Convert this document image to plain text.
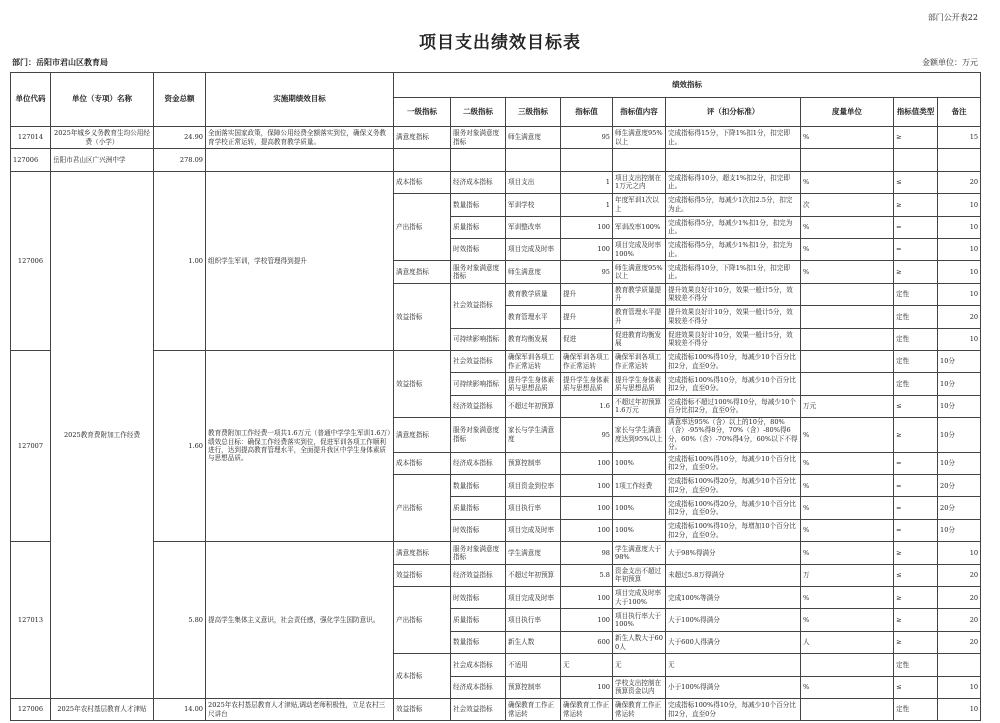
部门公开表22
项目支出绩效目标表
部门：岳阳市君山区教育局	金额单位：万元
单位代码	单位（专项）名称	资金总额	实施期绩效目标	绩效指标								
				一级指标	二级指标	三级指标	指标值	指标值内容	评（扣分标准）	度量单位	指标值类型	备注
127014	2025年城乡义务教育生均公用经费（小学）	24.90	全面落实国家政策，保障公用经费全额落实到位，确保义务教育学校正常运转，提高教育教学质量。	满意度指标	服务对象满意度指标	师生满意度	95	师生满意度95%以上	完成指标得15分，下降1%扣1分，扣完即止。	%	≥	15
127006	岳阳市君山区广兴洲中学	278.09										
127006	2025教育费附加工作经费	1.00	组织学生军训，学校管理得到提升	成本指标	经济成本指标	项目支出	1	项目支出控制在1万元之内	完成指标得10分，超支1%扣2分，扣完即止。	%	≤	20
				产出指标	数量指标	军训学校	1	年度军训1次以上	完成指标得5分，每减少1次扣2.5分，扣完为止。	次	≥	10
					质量指标	军训整改率	100	军训改率100%	完成指标得5分，每减少1%扣1分，扣完为止。	%	=	10
					时效指标	项目完成及时率	100	项目完成及时率100%	完成指标得5分，每减少1%扣1分，扣完为止。	%	=	10
				满意度指标	服务对象满意度指标	师生满意度	95	师生满意度95%以上	完成指标得10分，下降1%扣1分，扣完即止。	%	≥	10
				效益指标	社会效益指标	教育教学质量	提升	教育教学质量提升	提升效果良好计10分，效果一般计5分，效果较差不得分		定性	10
						教育管理水平	提升	教育管理水平提升	提升效果良好计10分，效果一般计5分，效果较差不得分		定性	20
					可持续影响指标	教育均衡发展	促进	促进教育均衡发展	促进效果良好计10分，效果一般计5分，效果较差不得分		定性	10
127007		1.60	教育费附加工作经费一项共1.6万元（普通中学学生军训1.6万）绩效总目标：确保工作经费落实到位，促进军训各项工作顺利进行，达到提高教育管理水平，全面提升我区中学生身体素质与思想品质。	效益指标	社会效益指标	确保军训各项工作正常运转	确保军训各项工作正常运转	确保军训各项工作正常运转	完成指标100%得10分，每减少10个百分比扣2分，直至0分。		定性	10分
					可持续影响指标	提升学生身体素质与思想品质	提升学生身体素质与思想品质	提升学生身体素质与思想品质	完成指标100%得10分，每减少10个百分比扣2分，直至0分。		定性	10分
					经济效益指标	不超过年初预算	1.6	不超过年初预算1.6万元	完成指标不超过100%得10分，每减少10个百分比扣2分，直至0分。	万元	≤	10分
				满意度指标	服务对象满意度指标	家长与学生满意度	95	家长与学生满意度达到95%以上	满意率达95%（含）以上的10分，80%（含）-95%得8分，70%（含）-80%得6分，60%（含）-70%得4分，60%以下不得分。	%	≥	10分
				成本指标	经济成本指标	预算控制率	100	100%	完成指标100%得10分，每减少10个百分比扣2分，直至0分。	%	=	10分
				产出指标	数量指标	项目资金到位率	100	1项工作经费	完成指标100%得20分，每减少10个百分比扣2分，直至0分。	%	=	20分
					质量指标	项目执行率	100	100%	完成指标100%得20分，每减少10个百分比扣2分，直至0分。	%	=	20分
					时效指标	项目完成及时率	100	100%	完成指标100%得10分，每增加10个百分比扣2分，直至0分。	%	=	10分
127013		5.80	提高学生集体主义意识，社会责任感，强化学生国防意识。	满意度指标	服务对象满意度指标	学生满意度	98	学生满意度大于98%	大于98%得满分	%	≥	10
				效益指标	经济效益指标	不超过年初预算	5.8	资金支出不超过年初预算	未超过5.8万得满分	万	≤	20
				产出指标	时效指标	项目完成及时率	100	项目完成及时率大于100%	完成100%等满分	%	≥	20
					质量指标	项目执行率	100	项目执行率大于100%	大于100%得满分	%	≥	20
					数量指标	新生人数	600	新生人数大于600人	大于600人得满分	人	≥	20
				成本指标	社会成本指标	不适用	无	无	无		定性	
					经济成本指标	预算控制率	100	学校支出控制在预算资金以内	小于100%得满分	%	≤	10
127006	2025年农村基层教育人才津贴	14.00	2025年农村基层教育人才津贴,调动老师积极性，立足农村三尺讲台	效益指标	社会效益指标	确保教育工作正常运转	确保教育工作正常运转	确保教育工作正常运转	完成指标100%得10分，每减少10个百分比扣2分，直至0分		定性	10
